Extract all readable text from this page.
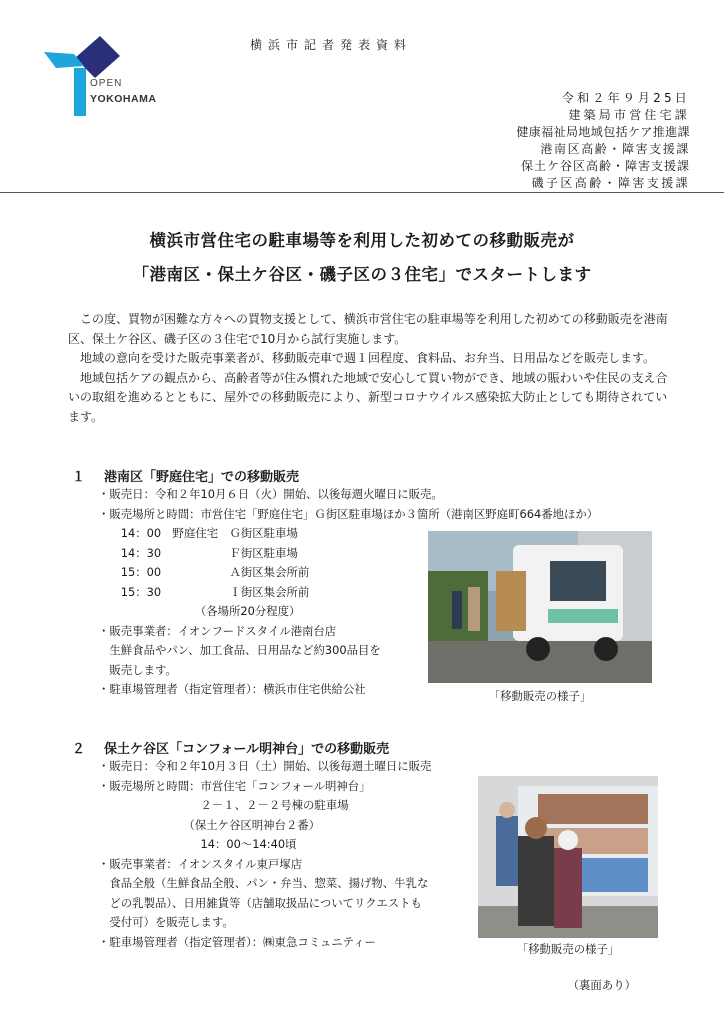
OPEN
YOKOHAMA
横浜市記者発表資料
令和２年９月25日
建築局市営住宅課
健康福祉局地域包括ケア推進課
港南区高齢・障害支援課
保土ケ谷区高齢・障害支援課
磯子区高齢・障害支援課
横浜市営住宅の駐車場等を利用した初めての移動販売が
「港南区・保土ケ谷区・磯子区の３住宅」でスタートします

この度、買物が困難な方々への買物支援として、横浜市営住宅の駐車場等を利用した初めての移動販売を港南区、保土ケ谷区、磯子区の３住宅で10月から試行実施します。

地域の意向を受けた販売事業者が、移動販売車で週１回程度、食料品、お弁当、日用品などを販売します。

地域包括ケアの観点から、高齢者等が住み慣れた地域で安心して買い物ができ、地域の賑わいや住民の支え合いの取組を進めるとともに、屋外での移動販売により、新型コロナウイルス感染拡大防止としても期待されています。

１ 港南区「野庭住宅」での移動販売
・販売日：令和２年10月６日（火）開始、以後毎週火曜日に販売。
・販売場所と時間：市営住宅「野庭住宅」Ｇ街区駐車場ほか３箇所（港南区野庭町664番地ほか）
　　14：00　野庭住宅　Ｇ街区駐車場
　　14：30　　　　　　Ｆ街区駐車場
　　15：00　　　　　　Ａ街区集会所前
　　15：30　　　　　　Ｉ街区集会所前
　　　　　　　　　（各場所20分程度）
・販売事業者：イオンフードスタイル港南台店
　生鮮食品やパン、加工食品、日用品など約300品目を
　販売します。
・駐車場管理者（指定管理者）：横浜市住宅供給公社	「移動販売の様子」
２ 保土ケ谷区「コンフォール明神台」での移動販売
・販売日：令和２年10月３日（土）開始、以後毎週土曜日に販売
・販売場所と時間：市営住宅「コンフォール明神台」
　　　　　　　　　２－１、２－２号棟の駐車場
　　　　　　　　（保土ケ谷区明神台２番）
　　　　　　　　　14：00～14:40頃
・販売事業者：イオンスタイル東戸塚店
　食品全般（生鮮食品全般、パン・弁当、惣菜、揚げ物、牛乳な
　どの乳製品）、日用雑貨等（店舗取扱品についてリクエストも
　受付可）を販売します。
・駐車場管理者（指定管理者）：㈱東急コミュニティー
「移動販売の様子」
（裏面あり）
